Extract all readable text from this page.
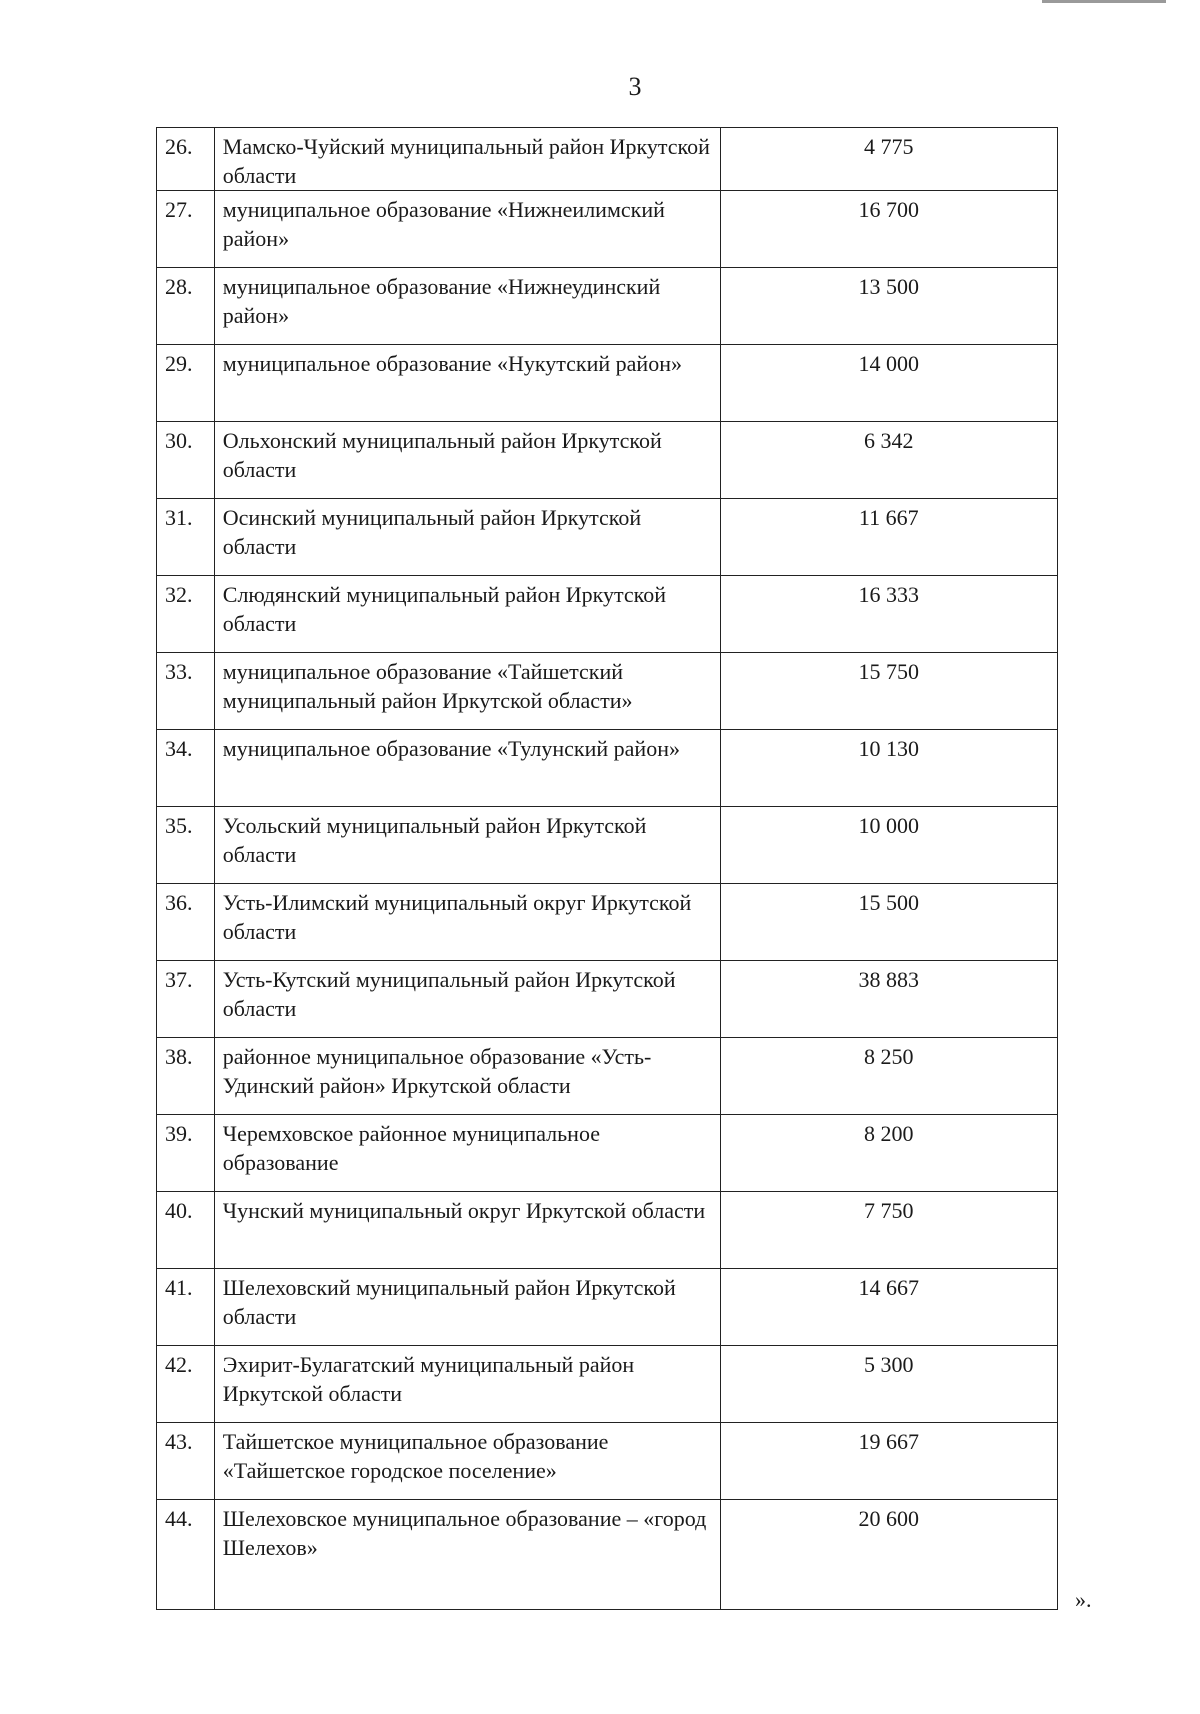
3
26.	Мамско-Чуйский муниципальный район Иркутской области	4 775
27.	муниципальное образование «Нижнеилимский район»	16 700
28.	муниципальное образование «Нижнеудинский район»	13 500
29.	муниципальное образование «Нукутский район»	14 000
30.	Ольхонский муниципальный район Иркутской области	6 342
31.	Осинский муниципальный район Иркутской области	11 667
32.	Слюдянский муниципальный район Иркутской области	16 333
33.	муниципальное образование «Тайшетский муниципальный район Иркутской области»	15 750
34.	муниципальное образование «Тулунский район»	10 130
35.	Усольский муниципальный район Иркутской области	10 000
36.	Усть-Илимский муниципальный округ Иркутской области	15 500
37.	Усть-Кутский муниципальный район Иркутской области	38 883
38.	районное муниципальное образование «Усть-Удинский район» Иркутской области	8 250
39.	Черемховское районное муниципальное образование	8 200
40.	Чунский муниципальный округ Иркутской области	7 750
41.	Шелеховский муниципальный район Иркутской области	14 667
42.	Эхирит-Булагатский муниципальный район Иркутской области	5 300
43.	Тайшетское муниципальное образование «Тайшетское городское поселение»	19 667
44.	Шелеховское муниципальное образование – «город Шелехов»	20 600
».
